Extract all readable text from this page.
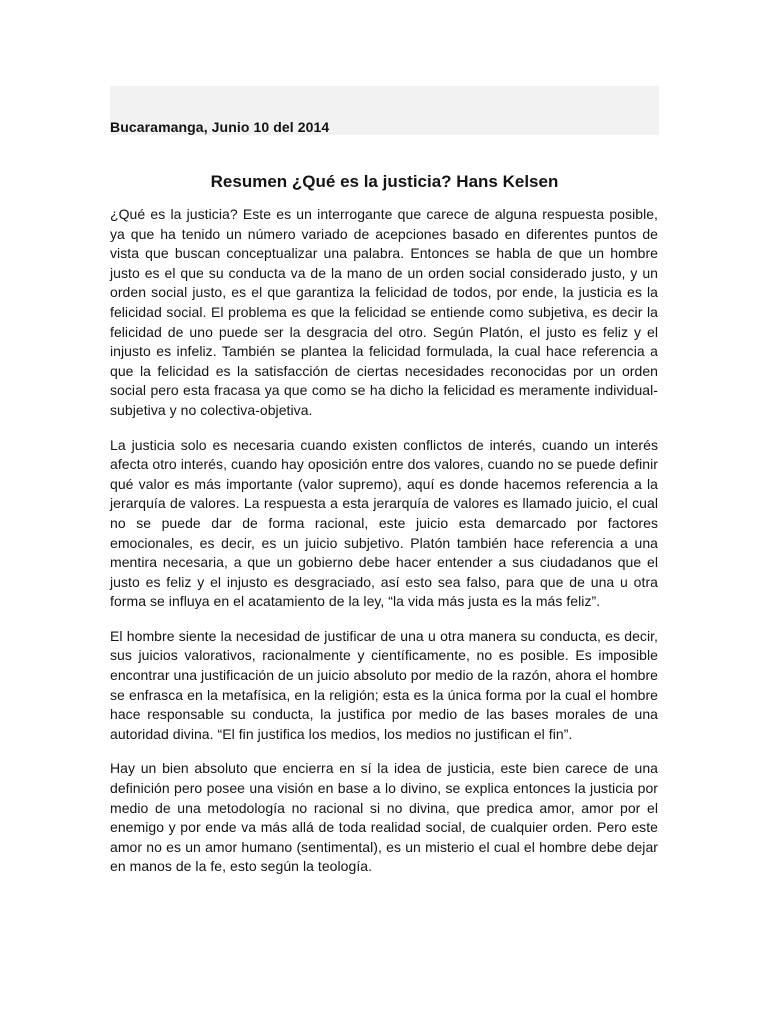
Bucaramanga, Junio 10 del 2014
Resumen ¿Qué es la justicia? Hans Kelsen

¿Qué es la justicia? Este es un interrogante que carece de alguna respuesta posible, ya que ha tenido un número variado de acepciones basado en diferentes puntos de vista que buscan conceptualizar una palabra. Entonces se habla de que un hombre justo es el que su conducta va de la mano de un orden social considerado justo, y un orden social justo, es el que garantiza la felicidad de todos, por ende, la justicia es la felicidad social. El problema es que la felicidad se entiende como subjetiva, es decir la felicidad de uno puede ser la desgracia del otro. Según Platón, el justo es feliz y el injusto es infeliz. También se plantea la felicidad formulada, la cual hace referencia a que la felicidad es la satisfacción de ciertas necesidades reconocidas por un orden social pero esta fracasa ya que como se ha dicho la felicidad es meramente individual-subjetiva y no colectiva-objetiva.

La justicia solo es necesaria cuando existen conflictos de interés, cuando un interés afecta otro interés, cuando hay oposición entre dos valores, cuando no se puede definir qué valor es más importante (valor supremo), aquí es donde hacemos referencia a la jerarquía de valores. La respuesta a esta jerarquía de valores es llamado juicio, el cual no se puede dar de forma racional, este juicio esta demarcado por factores emocionales, es decir, es un juicio subjetivo. Platón también hace referencia a una mentira necesaria, a que un gobierno debe hacer entender a sus ciudadanos que el justo es feliz y el injusto es desgraciado, así esto sea falso, para que de una u otra forma se influya en el acatamiento de la ley, “la vida más justa es la más feliz”.

El hombre siente la necesidad de justificar de una u otra manera su conducta, es decir, sus juicios valorativos, racionalmente y científicamente, no es posible. Es imposible encontrar una justificación de un juicio absoluto por medio de la razón, ahora el hombre se enfrasca en la metafísica, en la religión; esta es la única forma por la cual el hombre hace responsable su conducta, la justifica por medio de las bases morales de una autoridad divina. “El fin justifica los medios, los medios no justifican el fin”.

Hay un bien absoluto que encierra en sí la idea de justicia, este bien carece de una definición pero posee una visión en base a lo divino, se explica entonces la justicia por medio de una metodología no racional si no divina, que predica amor, amor por el enemigo y por ende va más allá de toda realidad social, de cualquier orden. Pero este amor no es un amor humano (sentimental), es un misterio el cual el hombre debe dejar en manos de la fe, esto según la teología.
